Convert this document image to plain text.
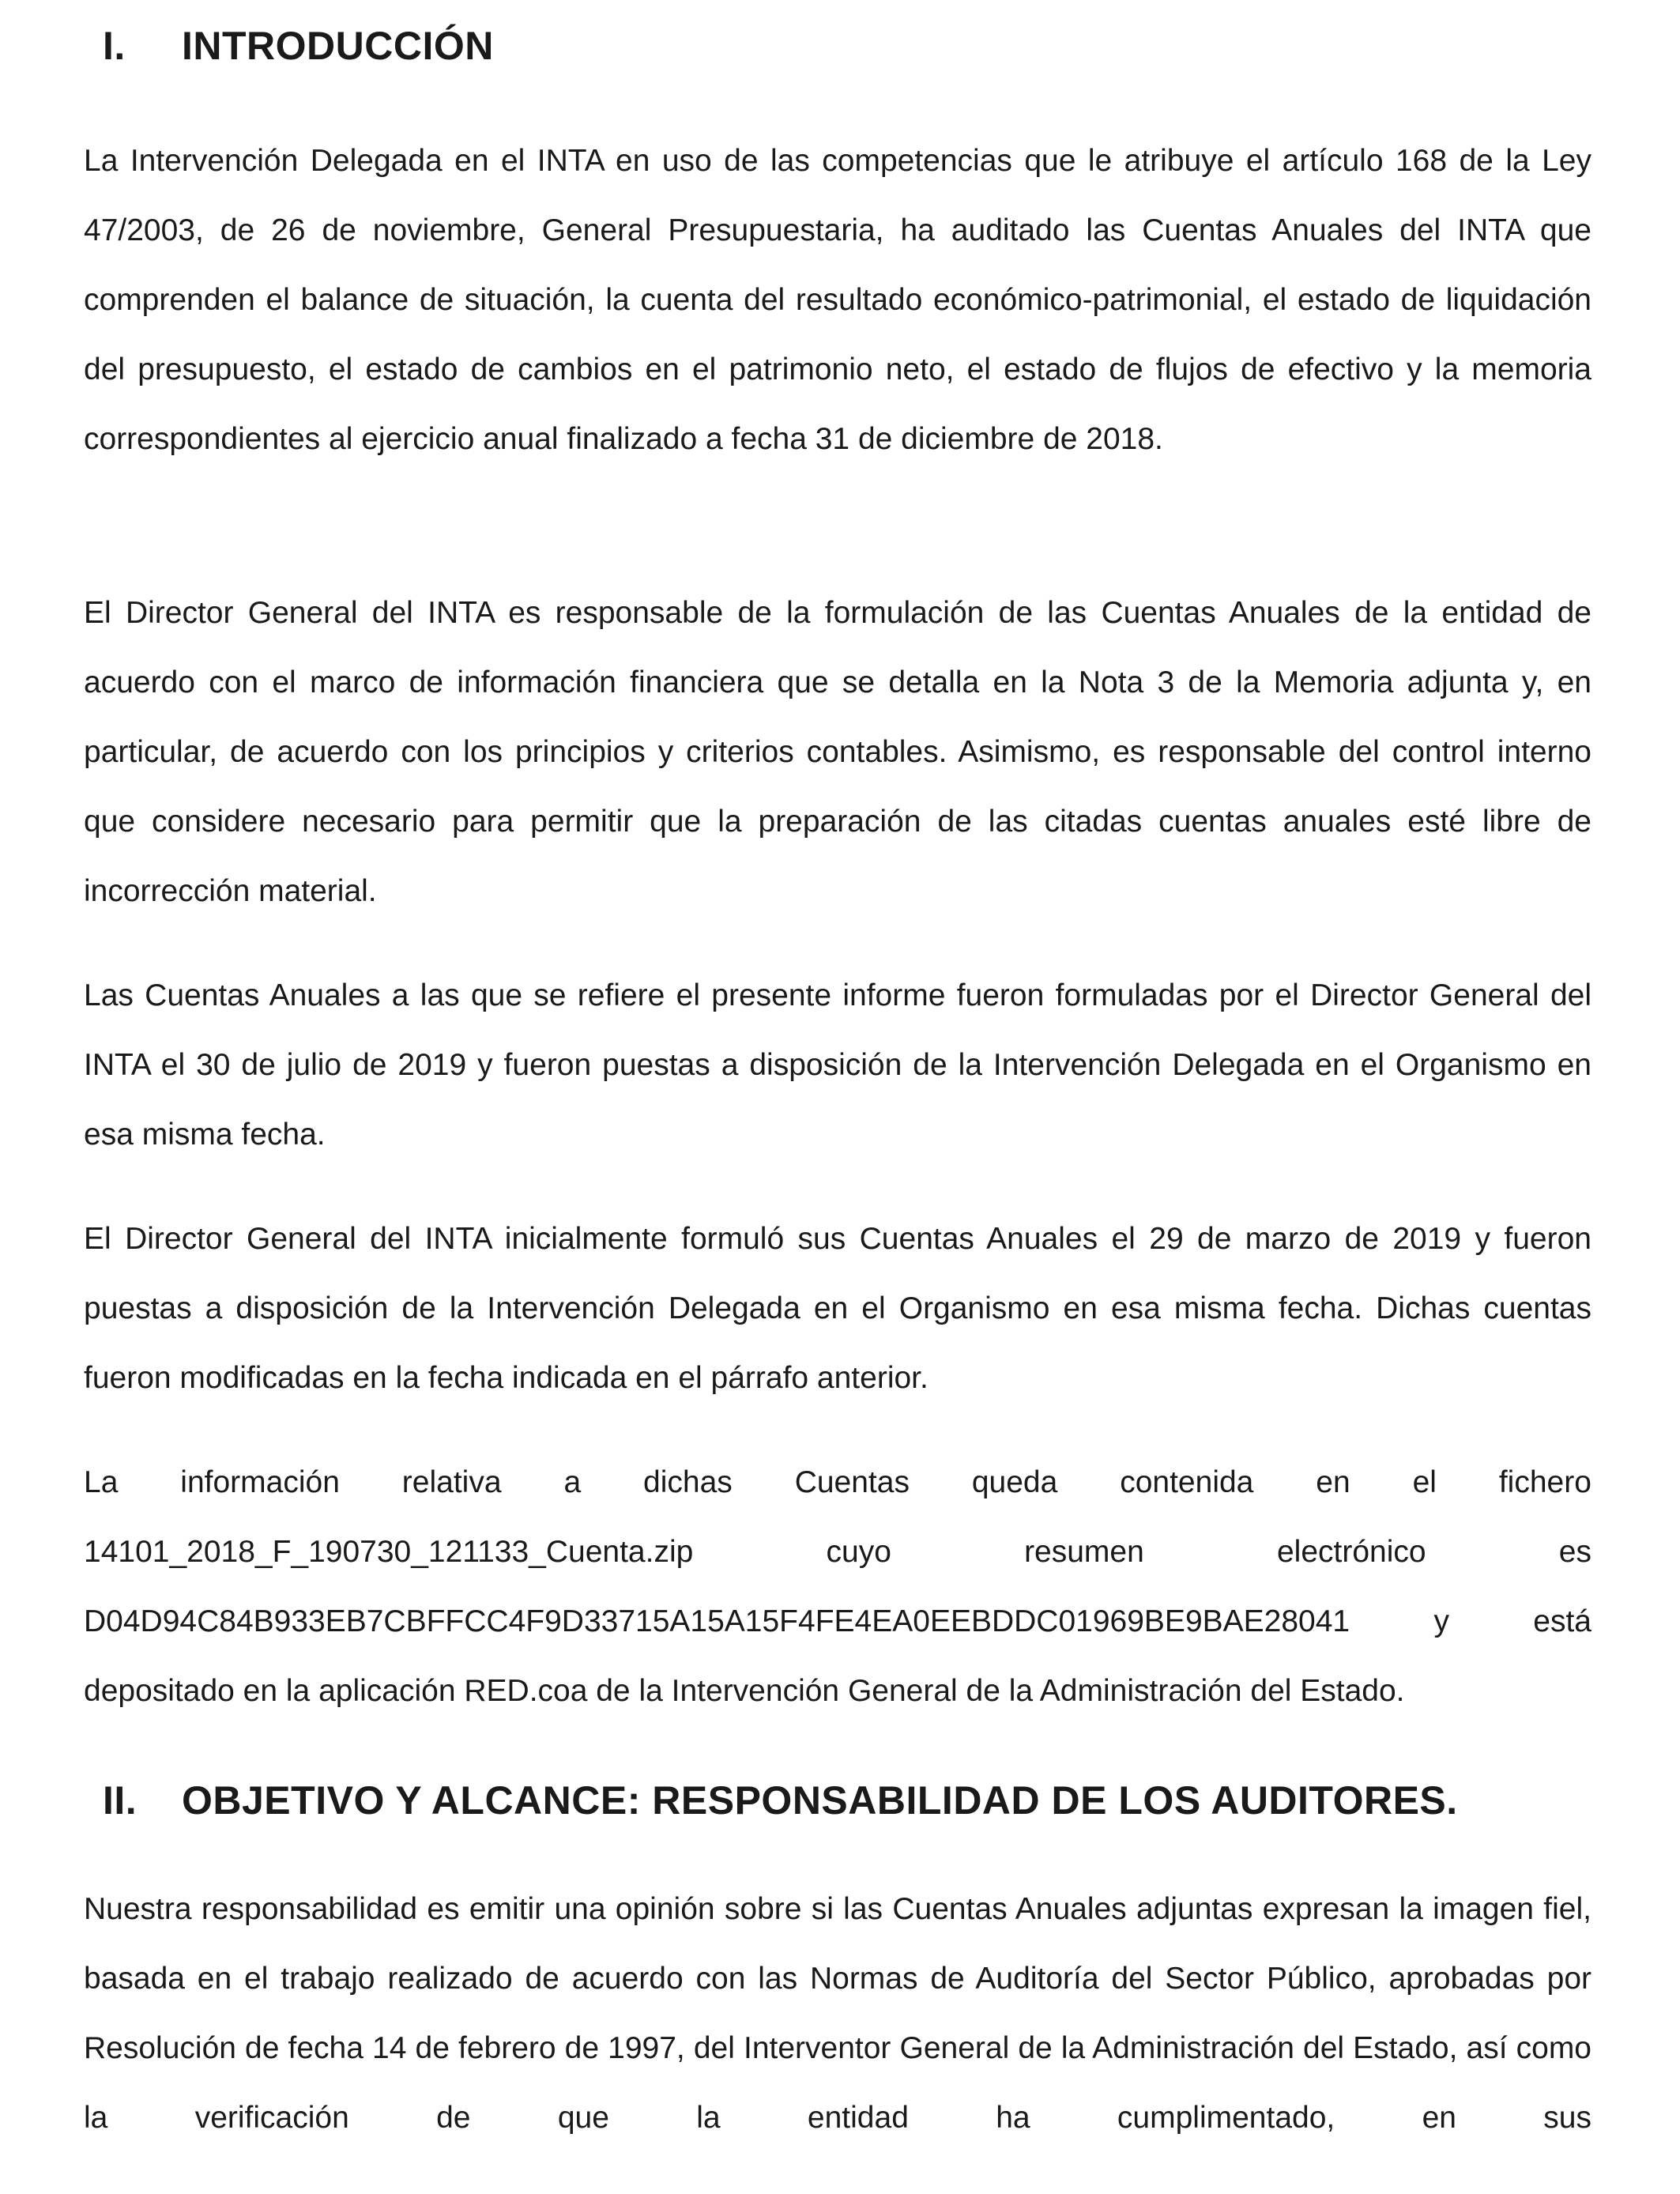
I. INTRODUCCIÓN

La Intervención Delegada en el INTA en uso de las competencias que le atribuye el artículo 168 de la Ley 47/2003, de 26 de noviembre, General Presupuestaria, ha auditado las Cuentas Anuales del INTA que comprenden el balance de situación, la cuenta del resultado económico-patrimonial, el estado de liquidación del presupuesto, el estado de cambios en el patrimonio neto, el estado de flujos de efectivo y la memoria correspondientes al ejercicio anual finalizado a fecha 31 de diciembre de 2018.

El Director General del INTA es responsable de la formulación de las Cuentas Anuales de la entidad de acuerdo con el marco de información financiera que se detalla en la Nota 3 de la Memoria adjunta y, en particular, de acuerdo con los principios y criterios contables. Asimismo, es responsable del control interno que considere necesario para permitir que la preparación de las citadas cuentas anuales esté libre de incorrección material.

Las Cuentas Anuales a las que se refiere el presente informe fueron formuladas por el Director General del INTA el 30 de julio de 2019 y fueron puestas a disposición de la Intervención Delegada en el Organismo en esa misma fecha.

El Director General del INTA inicialmente formuló sus Cuentas Anuales el 29 de marzo de 2019 y fueron puestas a disposición de la Intervención Delegada en el Organismo en esa misma fecha. Dichas cuentas fueron modificadas en la fecha indicada en el párrafo anterior.

La información relativa a dichas Cuentas queda contenida en el fichero
14101_2018_F_190730_121133_Cuenta.zip	cuyo	resumen	electrónico	es
D04D94C84B933EB7CBFFCC4F9D33715A15A15F4FE4EA0EEBDDC01969BE9BAE28041	y	está
depositado en la aplicación RED.coa de la Intervención General de la Administración del Estado.
II. OBJETIVO Y ALCANCE: RESPONSABILIDAD DE LOS AUDITORES.

Nuestra responsabilidad es emitir una opinión sobre si las Cuentas Anuales adjuntas expresan la imagen fiel, basada en el trabajo realizado de acuerdo con las Normas de Auditoría del Sector Público, aprobadas por Resolución de fecha 14 de febrero de 1997, del Interventor General de la Administración del Estado, así como la verificación de que la entidad ha cumplimentado, en sus
